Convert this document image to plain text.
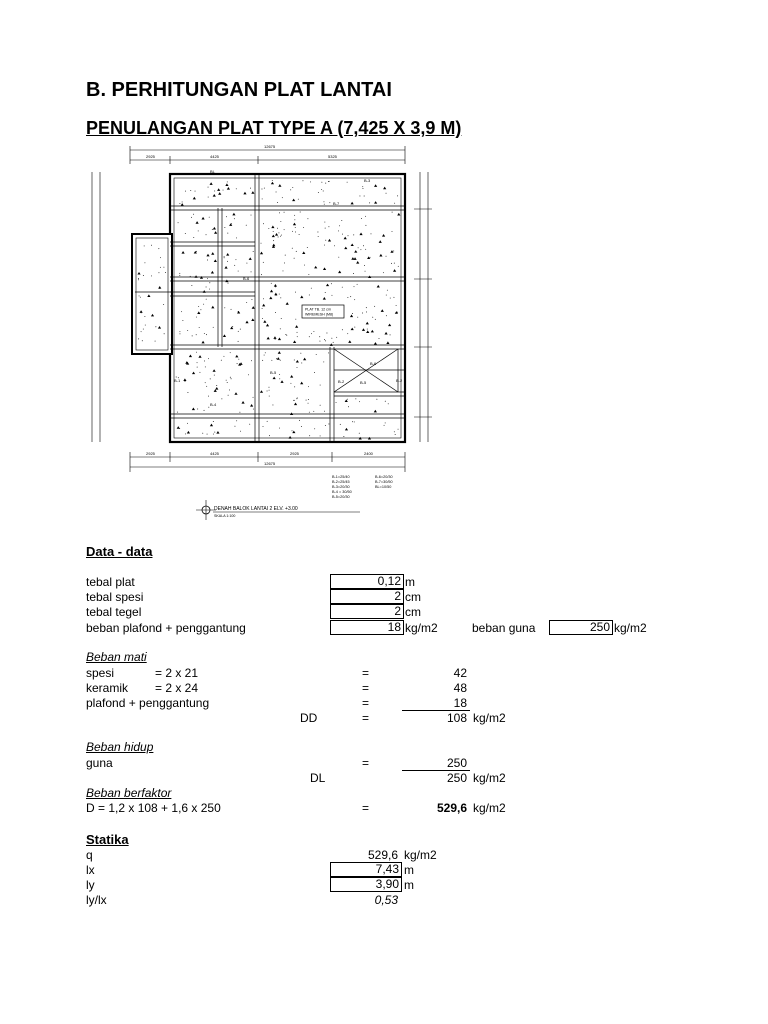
B. PERHITUNGAN PLAT LANTAI
PENULANGAN PLAT TYPE A (7,425 X 3,9 M)
12675
2925	4425	5325
2925	4425	2925	2400
12675
PLAT TB. 12 cm
WIREMESH (M8)
BL
B-3
B-7
B-5
B-6
B-4
B-1	B-2
B-6
B-5	B-2
B-1=25/40
B-2=25/45
B-3=20/30
B-4 = 30/50
B-5=20/30
B-6=20/30
B-7=30/50
BL=10/50
DENAH BALOK LANTAI 2 ELV. +3.00
SKALA 1:100
Data - data
tebal plat	0,12 m
tebal spesi	2 cm
tebal tegel	2 cm
beban plafond + penggantung	18 kg/m2	beban guna	250 kg/m2
Beban mati
spesi	= 2 x 21	=	42
keramik = 2 x 24	=	48
plafond + penggantung	=	18
DD	=	108 kg/m2
Beban hidup
guna	=	250
DL	250 kg/m2
Beban berfaktor
D = 1,2 x 108 + 1,6 x 250	=	529,6 kg/m2
Statika
q	529,6 kg/m2
lx	7,43 m
ly	3,90 m
ly/lx	0,53
